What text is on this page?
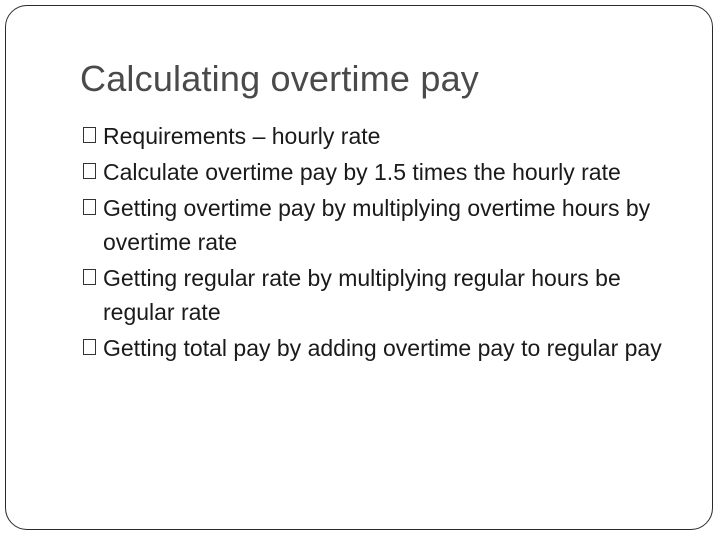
Calculating overtime pay
Requirements – hourly rate
Calculate overtime pay by 1.5 times the hourly rate
Getting overtime pay by multiplying overtime hours by overtime rate
Getting regular rate by multiplying regular hours be regular rate
Getting total pay by adding overtime pay to regular pay
